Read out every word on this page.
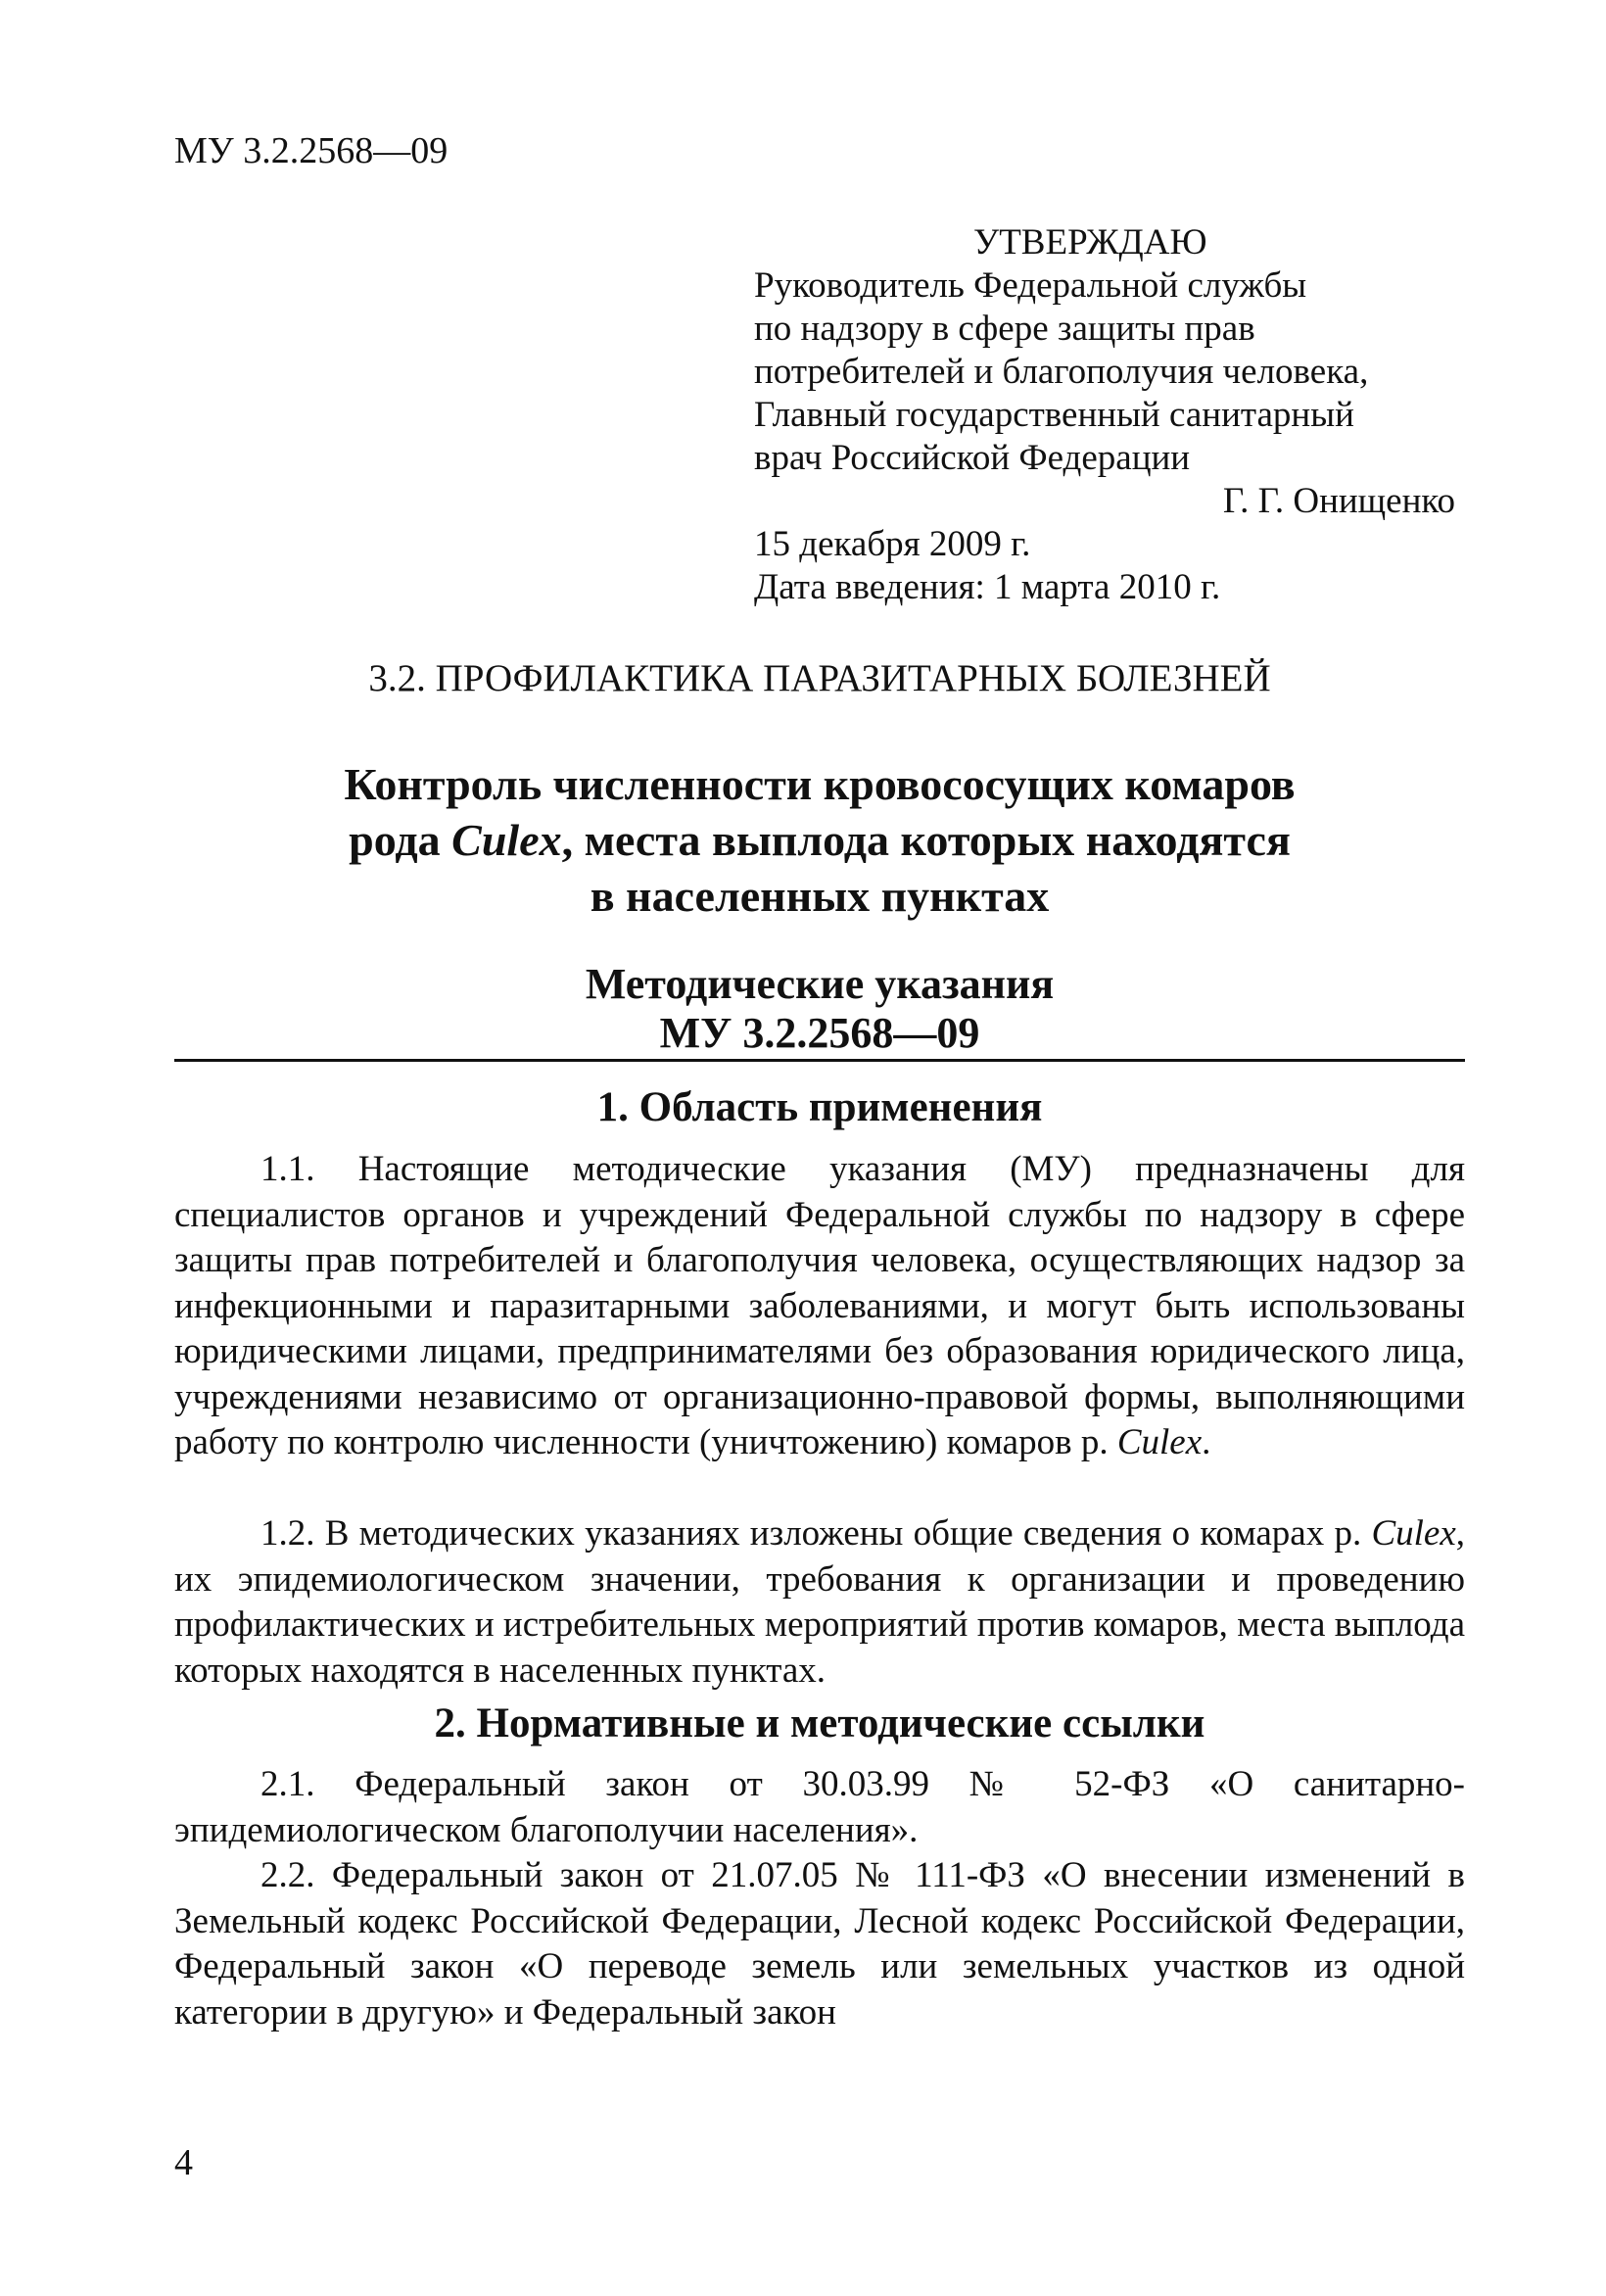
МУ 3.2.2568—09
УТВЕРЖДАЮ
Руководитель Федеральной службы
по надзору в сфере защиты прав
потребителей и благополучия человека,
Главный государственный санитарный
врач Российской Федерации
Г. Г. Онищенко
15 декабря 2009 г.
Дата введения: 1 марта 2010 г.
3.2. ПРОФИЛАКТИКА ПАРАЗИТАРНЫХ БОЛЕЗНЕЙ
Контроль численности кровососущих комаров
рода Culex, места выплода которых находятся
в населенных пунктах
Методические указания
МУ 3.2.2568—09
1. Область применения
1.1. Настоящие методические указания (МУ) предназначены для специалистов органов и учреждений Федеральной службы по надзору в сфере защиты прав потребителей и благополучия человека, осуществляющих надзор за инфекционными и паразитарными заболеваниями, и могут быть использованы юридическими лицами, предпринимателями без образования юридического лица, учреждениями независимо от организационно-правовой формы, выполняющими работу по контролю численности (уничтожению) комаров р. Culex.
1.2. В методических указаниях изложены общие сведения о комарах р. Culex, их эпидемиологическом значении, требования к организации и проведению профилактических и истребительных мероприятий против комаров, места выплода которых находятся в населенных пунктах.
2. Нормативные и методические ссылки
2.1. Федеральный закон от 30.03.99 № 52-ФЗ «О санитарно-эпидемиологическом благополучии населения».
2.2. Федеральный закон от 21.07.05 № 111-ФЗ «О внесении изменений в Земельный кодекс Российской Федерации, Лесной кодекс Российской Федерации, Федеральный закон «О переводе земель или земельных участков из одной категории в другую» и Федеральный закон
4
